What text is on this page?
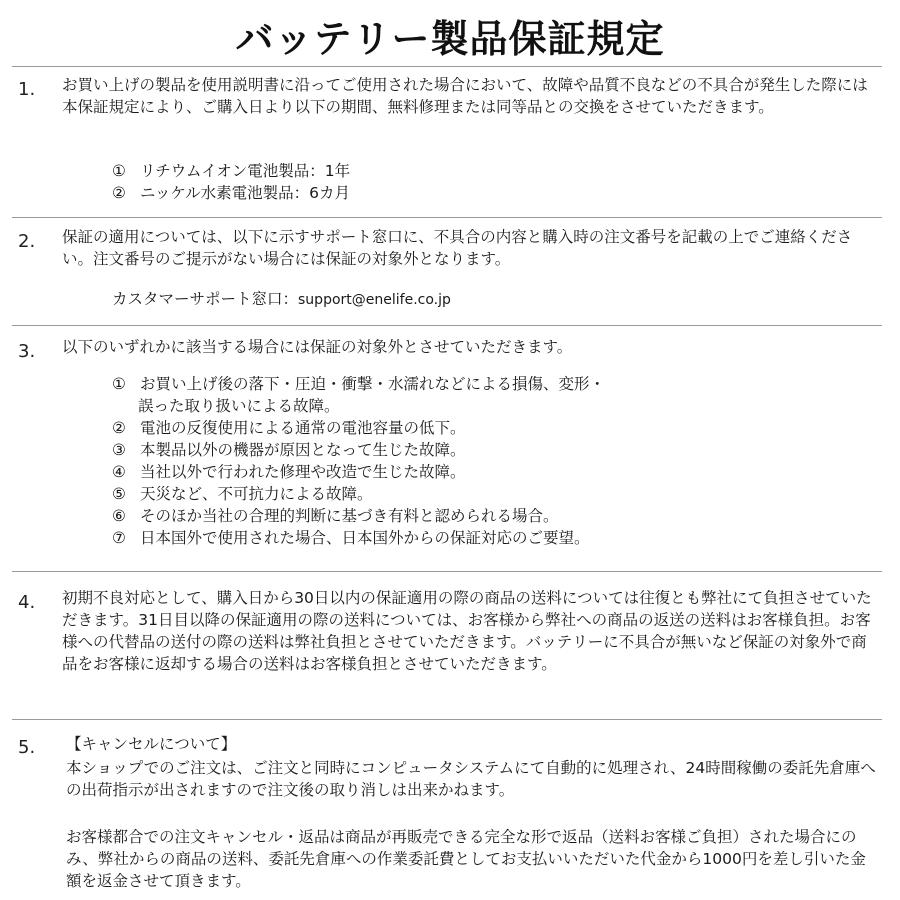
バッテリー製品保証規定
1. お買い上げの製品を使用説明書に沿ってご使用された場合において、故障や品質不良などの不具合が発生した際には本保証規定により、ご購入日より以下の期間、無料修理または同等品との交換をさせていただきます。
① リチウムイオン電池製品：1年
② ニッケル水素電池製品：6カ月
2. 保証の適用については、以下に示すサポート窓口に、不具合の内容と購入時の注文番号を記載の上でご連絡ください。注文番号のご提示がない場合には保証の対象外となります。
カスタマーサポート窓口：support@enelife.co.jp
3. 以下のいずれかに該当する場合には保証の対象外とさせていただきます。
① お買い上げ後の落下・圧迫・衝撃・水濡れなどによる損傷、変形・
誤った取り扱いによる故障。
② 電池の反復使用による通常の電池容量の低下。
③ 本製品以外の機器が原因となって生じた故障。
④ 当社以外で行われた修理や改造で生じた故障。
⑤ 天災など、不可抗力による故障。
⑥ そのほか当社の合理的判断に基づき有料と認められる場合。
⑦ 日本国外で使用された場合、日本国外からの保証対応のご要望。
4. 初期不良対応として、購入日から30日以内の保証適用の際の商品の送料については往復とも弊社にて負担させていただきます。31日目以降の保証適用の際の送料については、お客様から弊社への商品の返送の送料はお客様負担。お客様への代替品の送付の際の送料は弊社負担とさせていただきます。バッテリーに不具合が無いなど保証の対象外で商品をお客様に返却する場合の送料はお客様負担とさせていただきます。
5. 【キャンセルについて】
本ショップでのご注文は、ご注文と同時にコンピュータシステムにて自動的に処理され、24時間稼働の委託先倉庫への出荷指示が出されますので注文後の取り消しは出来かねます。
お客様都合での注文キャンセル・返品は商品が再販売できる完全な形で返品（送料お客様ご負担）された場合にのみ、弊社からの商品の送料、委託先倉庫への作業委託費としてお支払いいただいた代金から1000円を差し引いた金額を返金させて頂きます。
